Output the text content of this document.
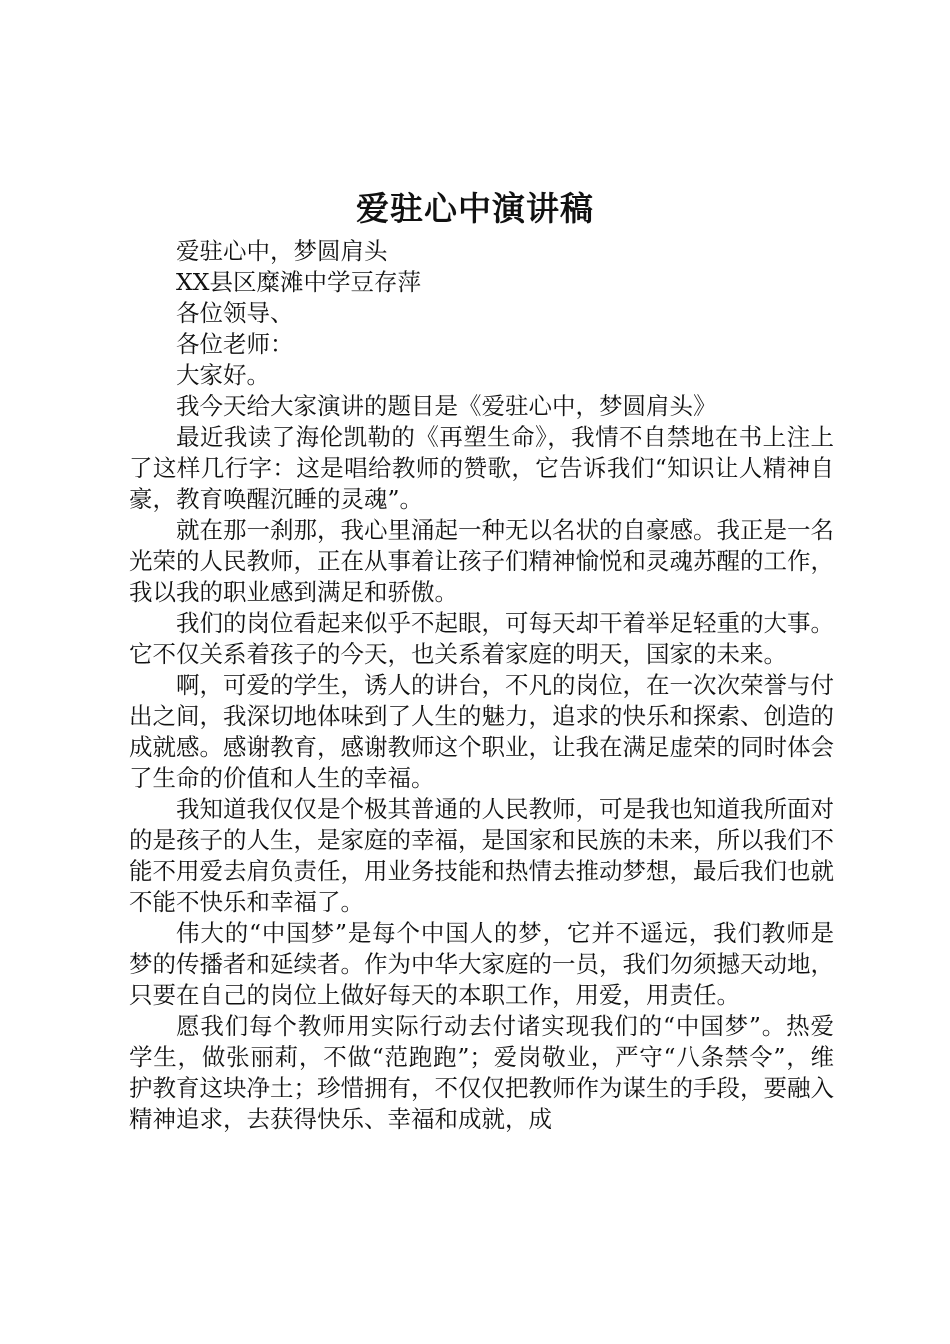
爱驻心中演讲稿

爱驻心中，梦圆肩头

XX县区糜滩中学豆存萍

各位领导、

各位老师：

大家好。

我今天给大家演讲的题目是《爱驻心中，梦圆肩头》

最近我读了海伦凯勒的《再塑生命》，我情不自禁地在书上注上了这样几行字：这是唱给教师的赞歌，它告诉我们“知识让人精神自豪，教育唤醒沉睡的灵魂”。

就在那一刹那，我心里涌起一种无以名状的自豪感。我正是一名光荣的人民教师，正在从事着让孩子们精神愉悦和灵魂苏醒的工作，我以我的职业感到满足和骄傲。

我们的岗位看起来似乎不起眼，可每天却干着举足轻重的大事。它不仅关系着孩子的今天，也关系着家庭的明天，国家的未来。

啊，可爱的学生，诱人的讲台，不凡的岗位，在一次次荣誉与付出之间，我深切地体味到了人生的魅力，追求的快乐和探索、创造的成就感。感谢教育，感谢教师这个职业，让我在满足虚荣的同时体会了生命的价值和人生的幸福。

我知道我仅仅是个极其普通的人民教师，可是我也知道我所面对的是孩子的人生，是家庭的幸福，是国家和民族的未来，所以我们不能不用爱去肩负责任，用业务技能和热情去推动梦想，最后我们也就不能不快乐和幸福了。

伟大的“中国梦”是每个中国人的梦，它并不遥远，我们教师是梦的传播者和延续者。作为中华大家庭的一员，我们勿须撼天动地，只要在自己的岗位上做好每天的本职工作，用爱，用责任。

愿我们每个教师用实际行动去付诸实现我们的“中国梦”。热爱学生，做张丽莉，不做“范跑跑”；爱岗敬业，严守“八条禁令”，维护教育这块净土；珍惜拥有，不仅仅把教师作为谋生的手段，要融入精神追求，去获得快乐、幸福和成就，成
